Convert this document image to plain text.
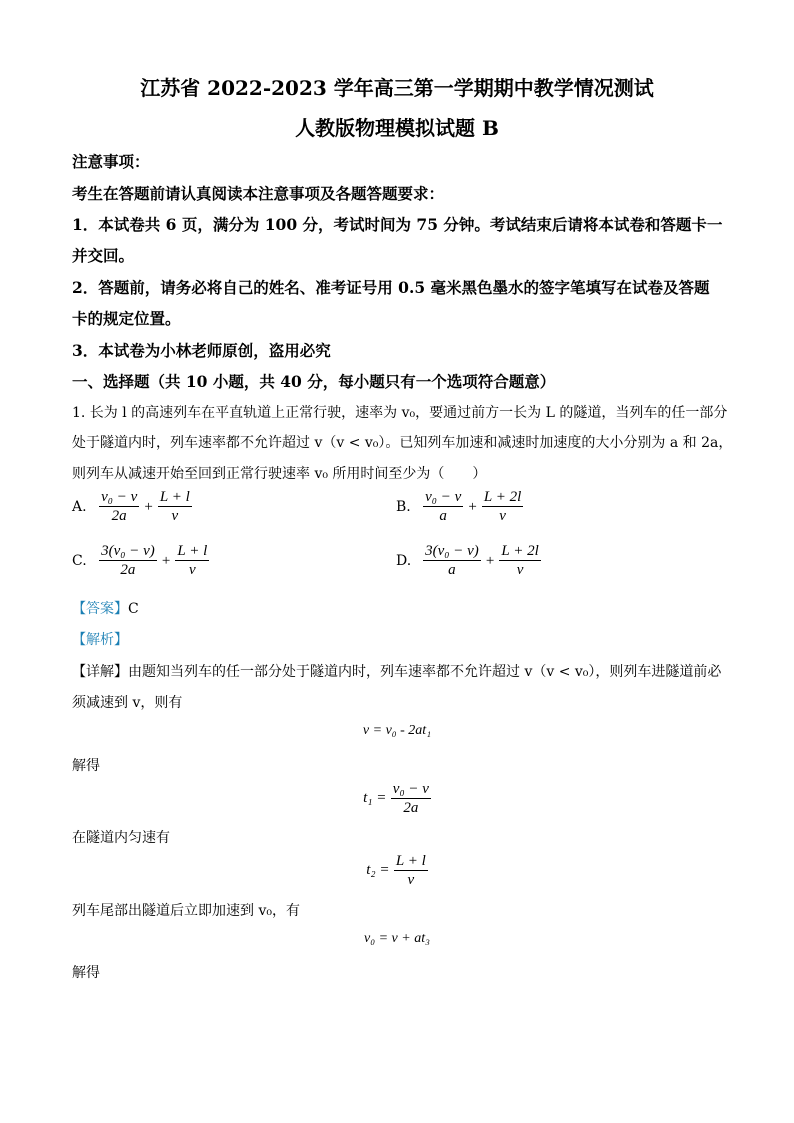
江苏省 2022-2023 学年高三第一学期期中教学情况测试
人教版物理模拟试题 B
注意事项：
考生在答题前请认真阅读本注意事项及各题答题要求：
1．本试卷共 6 页，满分为 100 分，考试时间为 75 分钟。考试结束后请将本试卷和答题卡一
并交回。
2．答题前，请务必将自己的姓名、准考证号用 0.5 毫米黑色墨水的签字笔填写在试卷及答题
卡的规定位置。
3．本试卷为小林老师原创，盗用必究
一、选择题（共 10 小题，共 40 分，每小题只有一个选项符合题意）
1. 长为 l 的高速列车在平直轨道上正常行驶，速率为 v₀，要通过前方一长为 L 的隧道，当列车的任一部分
处于隧道内时，列车速率都不允许超过 v（v < v₀）。已知列车加速和减速时加速度的大小分别为 a 和 2a，
则列车从减速开始至回到正常行驶速率 v₀ 所用时间至少为（　　）
A. $\frac{\text{v₀ − v}}{2a} + \frac{L + l}{v}$	B. $\frac{\text{v₀ − v}}{a} + \frac{L + 2l}{v}$
C. $\frac{\text{3(v₀ − v)}}{2a} + \frac{L + l}{v}$	D. $\frac{\text{3(v₀ − v)}}{a} + \frac{L + 2l}{v}$
【答案】C
【解析】
【详解】由题知当列车的任一部分处于隧道内时，列车速率都不允许超过 v（v < v₀），则列车进隧道前必
须减速到 v，则有
v = v₀ - 2at₁
解得
$t_1 = \frac{\text{v₀ − v}}{2a}$
在隧道内匀速有
$t_2 = \frac{L + l}{v}$
列车尾部出隧道后立即加速到 v₀，有
v₀ = v + at₃
解得
